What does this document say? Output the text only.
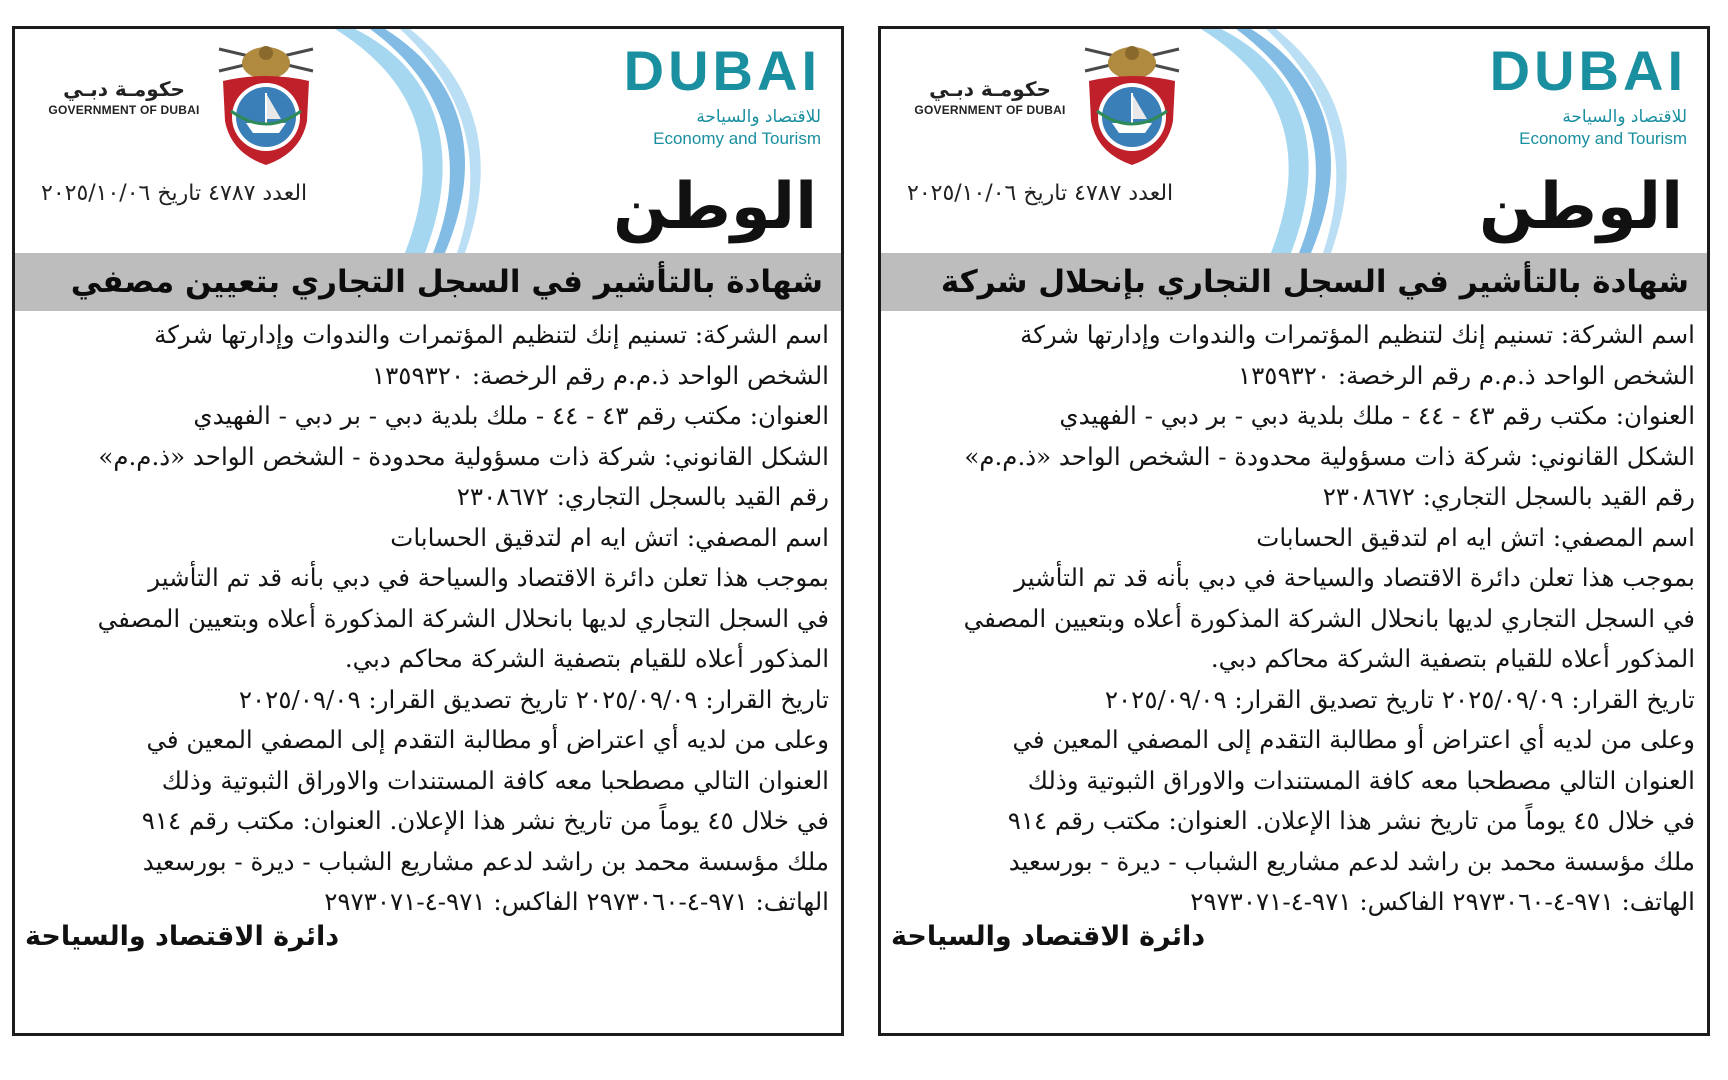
حكومـة دبـي
GOVERNMENT OF DUBAI
DUBAI
للاقتصاد والسياحة
Economy and Tourism
العدد ٤٧٨٧ تاريخ ٢٠٢٥/١٠/٠٦	الوطن
شهادة بالتأشير في السجل التجاري بتعيين مصفي
اسم الشركة: تسنيم إنك لتنظيم المؤتمرات والندوات وإدارتها شركة
الشخص الواحد ذ.م.م رقم الرخصة: ١٣٥٩٣٢٠
العنوان: مكتب رقم ٤٣ - ٤٤ - ملك بلدية دبي - بر دبي - الفهيدي
الشكل القانوني: شركة ذات مسؤولية محدودة - الشخص الواحد «ذ.م.م»
رقم القيد بالسجل التجاري: ٢٣٠٨٦٧٢
اسم المصفي: اتش ايه ام لتدقيق الحسابات
بموجب هذا تعلن دائرة الاقتصاد والسياحة في دبي بأنه قد تم التأشير
في السجل التجاري لديها بانحلال الشركة المذكورة أعلاه وبتعيين المصفي
المذكور أعلاه للقيام بتصفية الشركة محاكم دبي.
تاريخ القرار: ٢٠٢٥/٠٩/٠٩ تاريخ تصديق القرار: ٢٠٢٥/٠٩/٠٩
وعلى من لديه أي اعتراض أو مطالبة التقدم إلى المصفي المعين في
العنوان التالي مصطحبا معه كافة المستندات والاوراق الثبوتية وذلك
في خلال ٤٥ يوماً من تاريخ نشر هذا الإعلان. العنوان: مكتب رقم ٩١٤
ملك مؤسسة محمد بن راشد لدعم مشاريع الشباب - ديرة - بورسعيد
الهاتف: ٩٧١-٤-٢٩٧٣٠٦٠ الفاكس: ٩٧١-٤-٢٩٧٣٠٧١
دائرة الاقتصاد والسياحة
حكومـة دبـي
GOVERNMENT OF DUBAI
DUBAI
للاقتصاد والسياحة
Economy and Tourism
العدد ٤٧٨٧ تاريخ ٢٠٢٥/١٠/٠٦	الوطن
شهادة بالتأشير في السجل التجاري بإنحلال شركة
اسم الشركة: تسنيم إنك لتنظيم المؤتمرات والندوات وإدارتها شركة
الشخص الواحد ذ.م.م رقم الرخصة: ١٣٥٩٣٢٠
العنوان: مكتب رقم ٤٣ - ٤٤ - ملك بلدية دبي - بر دبي - الفهيدي
الشكل القانوني: شركة ذات مسؤولية محدودة - الشخص الواحد «ذ.م.م»
رقم القيد بالسجل التجاري: ٢٣٠٨٦٧٢
اسم المصفي: اتش ايه ام لتدقيق الحسابات
بموجب هذا تعلن دائرة الاقتصاد والسياحة في دبي بأنه قد تم التأشير
في السجل التجاري لديها بانحلال الشركة المذكورة أعلاه وبتعيين المصفي
المذكور أعلاه للقيام بتصفية الشركة محاكم دبي.
تاريخ القرار: ٢٠٢٥/٠٩/٠٩ تاريخ تصديق القرار: ٢٠٢٥/٠٩/٠٩
وعلى من لديه أي اعتراض أو مطالبة التقدم إلى المصفي المعين في
العنوان التالي مصطحبا معه كافة المستندات والاوراق الثبوتية وذلك
في خلال ٤٥ يوماً من تاريخ نشر هذا الإعلان. العنوان: مكتب رقم ٩١٤
ملك مؤسسة محمد بن راشد لدعم مشاريع الشباب - ديرة - بورسعيد
الهاتف: ٩٧١-٤-٢٩٧٣٠٦٠ الفاكس: ٩٧١-٤-٢٩٧٣٠٧١
دائرة الاقتصاد والسياحة
